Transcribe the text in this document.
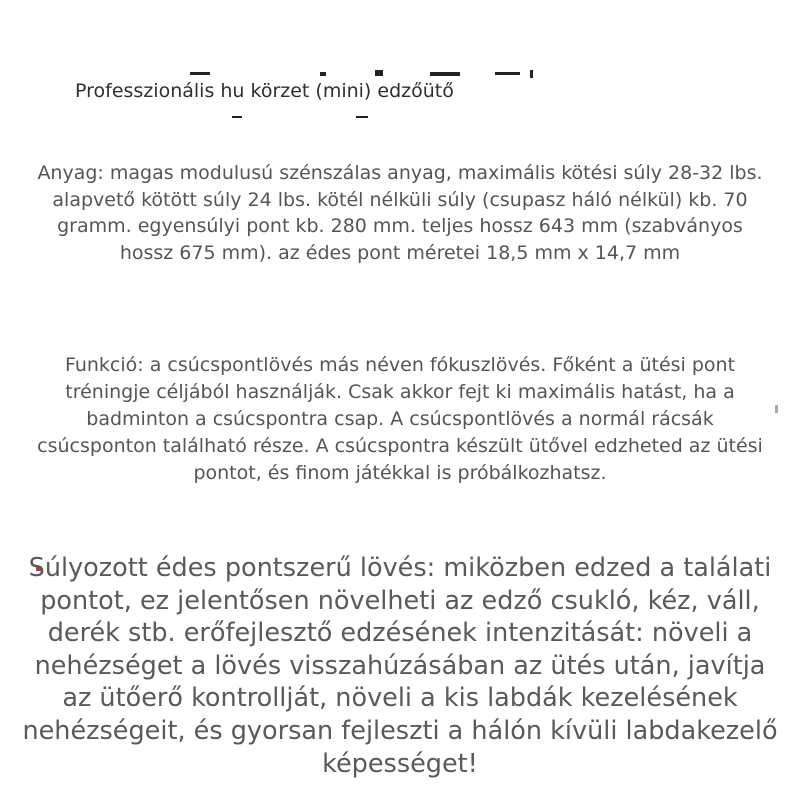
Professzionális hu körzet (mini) edzőütő

Anyag: magas modulusú szénszálas anyag, maximális kötési súly 28-32 lbs. alapvető kötött súly 24 lbs. kötél nélküli súly (csupasz háló nélkül) kb. 70 gramm. egyensúlyi pont kb. 280 mm. teljes hossz 643 mm (szabványos hossz 675 mm). az édes pont méretei 18,5 mm x 14,7 mm

Funkció: a csúcspontlövés más néven fókuszlövés. Főként a ütési pont tréningje céljából használják. Csak akkor fejt ki maximális hatást, ha a badminton a csúcspontra csap. A csúcspontlövés a normál rácsák csúcsponton található része. A csúcspontra készült ütővel edzheted az ütési pontot, és finom játékkal is próbálkozhatsz.

Súlyozott édes pontszerű lövés: miközben edzed a találati pontot, ez jelentősen növelheti az edző csukló, kéz, váll, derék stb. erőfejlesztő edzésének intenzitását: növeli a nehézséget a lövés visszahúzásában az ütés után, javítja az ütőerő kontrollját, növeli a kis labdák kezelésének nehézségeit, és gyorsan fejleszti a hálón kívüli labdakezelő képességet!
